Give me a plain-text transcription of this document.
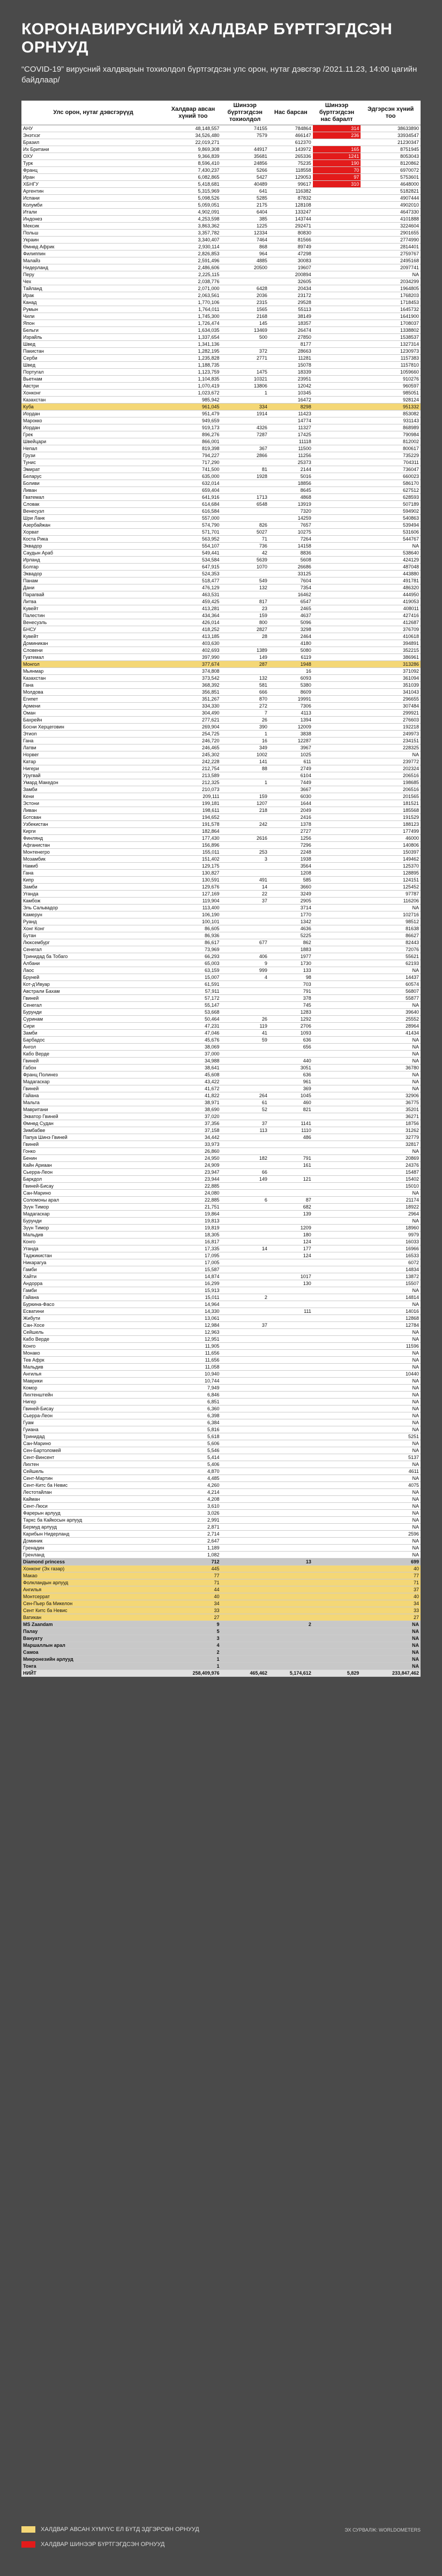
КОРОНАВИРУСНИЙ ХАЛДВАР БҮРТГЭГДСЭН ОРНУУД
“COVID-19” вирусний халдварын тохиолдол бүртгэгдсэн улс орон, нутаг дэвсгэр /2021.11.23, 14:00 цагийн байдлаар/
Улс орон, нутаг дэвсгэрүүд	Халдвар авсан хүний тоо	Шинээр бүртгэгдсэн тохиолдол	Нас барсан	Шинээр бүртгэгдсэн нас баралт	Эдгэрсэн хүний тоо
АНУ	48,148,557	74155	784864	314	38633890
Энэтхэг	34,526,480	7579	466147	236	33934547
Бразил	22,019,271		612370		21230347
Их Британи	9,869,308	44917	143972	165	8751945
ОХУ	9,366,839	35681	265336	1241	8053043
Турк	8,596,410	24856	75235	190	8120862
Франц	7,430,237	5266	118558	70	6970072
Иран	6,082,865	5427	129053	97	5753601
ХБНГУ	5,418,681	40489	99617	310	4648000
Аргентин	5,315,969	641	116382		5182821
Испани	5,098,526	5285	87832		4907444
Колумби	5,059,051	2175	128108		4902010
Итали	4,902,091	6404	133247		4647330
Индонез	4,253,598	385	143744		4101888
Мексик	3,863,362	1225	292471		3224604
Польш	3,357,782	12334	80830		2901655
Украин	3,340,407	7464	81566		2774990
Өмнөд Африк	2,930,114	868	89749		2814401
Филиппин	2,826,853	964	47298		2759767
Малайз	2,591,496	4885	30083		2495168
Нидерланд	2,486,606	20500	19607		2097741
Перу	2,225,115		200894		NA
Чех	2,038,776		32605		2034299
Тайланд	2,071,000	6428	20434		1964805
Ирак	2,063,561	2036	23172		1768203
Канад	1,770,106	2315	29528		1718453
Румын	1,764,011	1565	55113		1645732
Чили	1,745,300	2168	38149		1641900
Япон	1,726,474	145	18357		1708037
Бельги	1,634,035	13469	26474		1338802
Израйль	1,337,654	500	27850		1538537
Швед	1,341,136		8177		1327314
Пакистан	1,282,195	372	28663		1230973
Серби	1,235,828	2771	11281		1157383
Швед	1,188,735		15078		1157810
Португал	1,123,759	1475	18339		1059660
Вьетнам	1,104,835	10321	23951		910276
Австри	1,070,419	13806	12042		960597
Хонконг	1,023,672	1	10345		985051
Казахстан	985,942		16472		928124
Куба	961,045	334	8298		951332
Иордан	951,479	1914	11423		853082
Мароккo	949,659		14774		931143
Иордан	919,173	4326	11327		868989
Грек	896,276	7287	17425		790984
Швейцари	866,001		11118		812002
Непал	819,398	367	11500		800617
Грузи	794,227	2866	11256		735229
Тунис	717,290		25373		704311
Эмират	741,500	81	2144		736047
Беларус	635,000	1928	5016		660023
Боливи	632,014		18856		586170
Ливан	659,404		8645		627512
Гватемал	641,916	1713	4868		628593
Словак	614,684	6548	13919		507189
Венесуэл	616,584		7320		594902
Шри Ланк	557,000		14259		540863
Азербайжан	574,790	826	7657		539494
Хорват	571,701	5027	10275		531606
Коста Рика	563,952	71	7264		544767
Эквадор	554,107	736	14158		NA
Саудын Араб	549,441	42	8836		538640
Ирланд	534,584	5639	5608		424129
Болгар	647,915	1070	26686		487048
Эквадор	524,353		33125		443880
Панам	518,477	549	7604		491781
Дани	476,129	132	7354		486320
Парагвай	463,531		16462		444950
Литва	459,425	817	6547		419053
Кувейт	413,281	23	2465		408011
Палестин	434,364	159	4637		427416
Венесуэль	426,014	800	5096		412687
БНСУ	418,252	2827	3298		376709
Кувейт	413,185	28	2464		410618
Доминикан	403,630		4180		394891
Словени	402,693	1389	5080		352215
Гуатемал	397,990	149	6119		386961
Монгол	377,674	287	1948		313286
Мьянмар	374,808		16		371092
Казахстан	373,542	132	6093		361094
Гана	368,392	581	5380		351039
Молдова	356,851	666	8609		341043
Египет	351,267	870	19991		296655
Армени	334,330	272	7306		307484
Оман	304,490	7	4113		299921
Бахрейн	277,621	26	1394		276603
Босни Херцеговин	269,904	390	12009		192218
Этиоп	254,725	1	3838		249973
Гана	246,720	16	12287		234151
Латви	246,465	349	3967		228325
Норвег	245,302	1002	1025		NA
Катар	242,228	141	611		239772
Нигери	212,754	88	2749		202324
Уругвай	213,589		6104		206516
Умард Македон	212,325	1	7449		198685
Замби	210,073		3667		206516
Кени	209,111	159	6030		201565
Эстони	199,181	1207	1644		181521
Ливан	198,611	218	2049		185568
Ботсван	194,652		2416		191529
Узбекистан	191,578	242	1378		188123
Кирги	182,864		2727		177499
Финлянд	177,430	2616	1256		46000
Афганистан	156,896		7296		140806
Монтенегро	155,011	253	2248		150397
Мозамбик	151,402	3	1938		149462
Намиб	129,175		3564		125370
Гана	130,827		1208		128895
Кипр	130,591	491	585		124151
Замби	129,676	14	3660		125452
Уганда	127,169	22	3249		97787
Камбож	119,904	37	2905		116206
Эль Сальвадор	113,400		3714		NA
Камерун	106,190		1770		102716
Руанд	100,101		1342		98512
Хонг Конг	86,605		4636		81638
Бутан	86,936		5225		86627
Люксембург	86,617	677	862		82443
Сенегал	73,969		1883		72076
Тринидад ба Тобаго	66,293	406	1977		55621
Албани	65,003	9	1730		62193
Лаос	63,159	999	133		NA
Бруней	15,007	4	98		14437
Кот-д’Ивуар	61,591		703		60574
Австрали Бахам	57,911		791		56807
Гвиней	57,172		378		55877
Сенегал	55,147		745		NA
Бурунди	53,668		1283		39640
Суринам	50,464	26	1292		25552
Сири	47,231	119	2706		28964
Замби	47,046	41	1093		41434
Барбадос	45,676	59	636		NA
Ангол	38,069		656		NA
Кабо Верде	37,000				NA
Гвиней	34,988		440		NA
Габон	38,641		3051		36780
Франц Полинез	45,608		636		NA
Мадагаскар	43,422		961		NA
Гвиней	41,672		369		NA
Гайана	41,822	264	1045		32906
Мальта	38,971	61	460		36775
Мавритани	38,690	52	821		35201
Экватор Гвиней	37,020				36271
Өмнөд Судан	37,356	37	1141		18756
Зимбабве	37,158	113	1110		31262
Папуа Шинэ Гвиней	34,442		486		32779
Гвиней	33,973				32817
Гонко	26,860				NA
Бенин	24,950	182	791		20869
Кайн Ариаан	24,909		161		24376
Сьерра-Леон	23,947	66			15487
Баркдол	23,944	149	121		15402
Гвиней-Бисау	22,885				15010
Сан-Марино	24,080				NA
Соломоны арал	22,885	6	87		21174
Зүүн Тимор	21,751		682		18922
Мадагаскар	19,864		139		2964
Бурунди	19,813				NA
Зүүн Тимор	19,819		1209		18960
Мальдив	18,305		180		9979
Конго	16,817		124		16033
Уганда	17,335	14	177		16966
Таджикистан	17,095		124		16533
Никарагуа	17,005				6072
Гамби	15,587				14834
Хайти	14,874		1017		13872
Андорра	16,299		130		15507
Гамби	15,913				NA
Гайана	15,011	2			14814
Буркина-Фасо	14,964				NA
Есватини	14,330		111		14016
Жибути	13,061				12868
Сан-Хосе	12,984	37			12784
Сейшель	12,963				NA
Кабо Верде	12,951				NA
Конго	11,905				11596
Монако	11,656				NA
Тев Афрк	11,656				NA
Мальдив	11,058				NA
Ангилья	10,940				10440
Маврики	10,744				NA
Комор	7,949				NA
Лихтенштейн	6,846				NA
Нигер	6,851				NA
Гвиней-Бисау	6,360				NA
Сьерра-Леон	6,398				NA
Гуам	6,384				NA
Гуиана	5,816				NA
Тринидад	5,618				5251
Сан-Марино	5,606				NA
Сен-Бартоломей	5,546				NA
Сент-Винсент	5,414				5137
Лихтен	5,406				NA
Сейшель	4,870				4611
Сент-Мартин	4,485				NA
Сент-Китс ба Невис	4,260				4075
Лестотайлан	4,214				NA
Кайман	4,208				NA
Сент-Люси	3,610				NA
Фарерын арлууд	3,026				NA
Таркс ба Кайкосын арлууд	2,991				NA
Бермуд арлууд	2,871				NA
Карибын Нидерланд	2,714				2596
Доминик	2,647				NA
Гренадин	1,189				NA
Гренланд	1,082				NA
Diamond princess	712		13		699
Хонконг (Эх газар)	445				40
Макао	77				77
Фолкландын арлууд	71				71
Ангилья	44				37
Монтсеррат	40				40
Сен-Пьер ба Микелон	34				34
Сент Китс ба Невис	33				33
Ватикан	27				27
MS Zaandam	9		2		NA
Палау	5				NA
Вануату	3				NA
Маршаллын арал	4				NA
Самоа	2				NA
Микронезийн арлууд	1				NA
Тонга	1				NA
НИЙТ	258,409,976	465,462	5,174,612	5,829	233,847,462
ХАЛДВАР АВСАН ХҮМҮҮС ЕЛ БҮТД ЗДГЭРСӨН ОРНУУД
ХАЛДВАР ШИНЭЭР БҮРТГЭГДСЭН ОРНУУД
ЭХ СУРВАЛЖ: WORLDOMETERS
